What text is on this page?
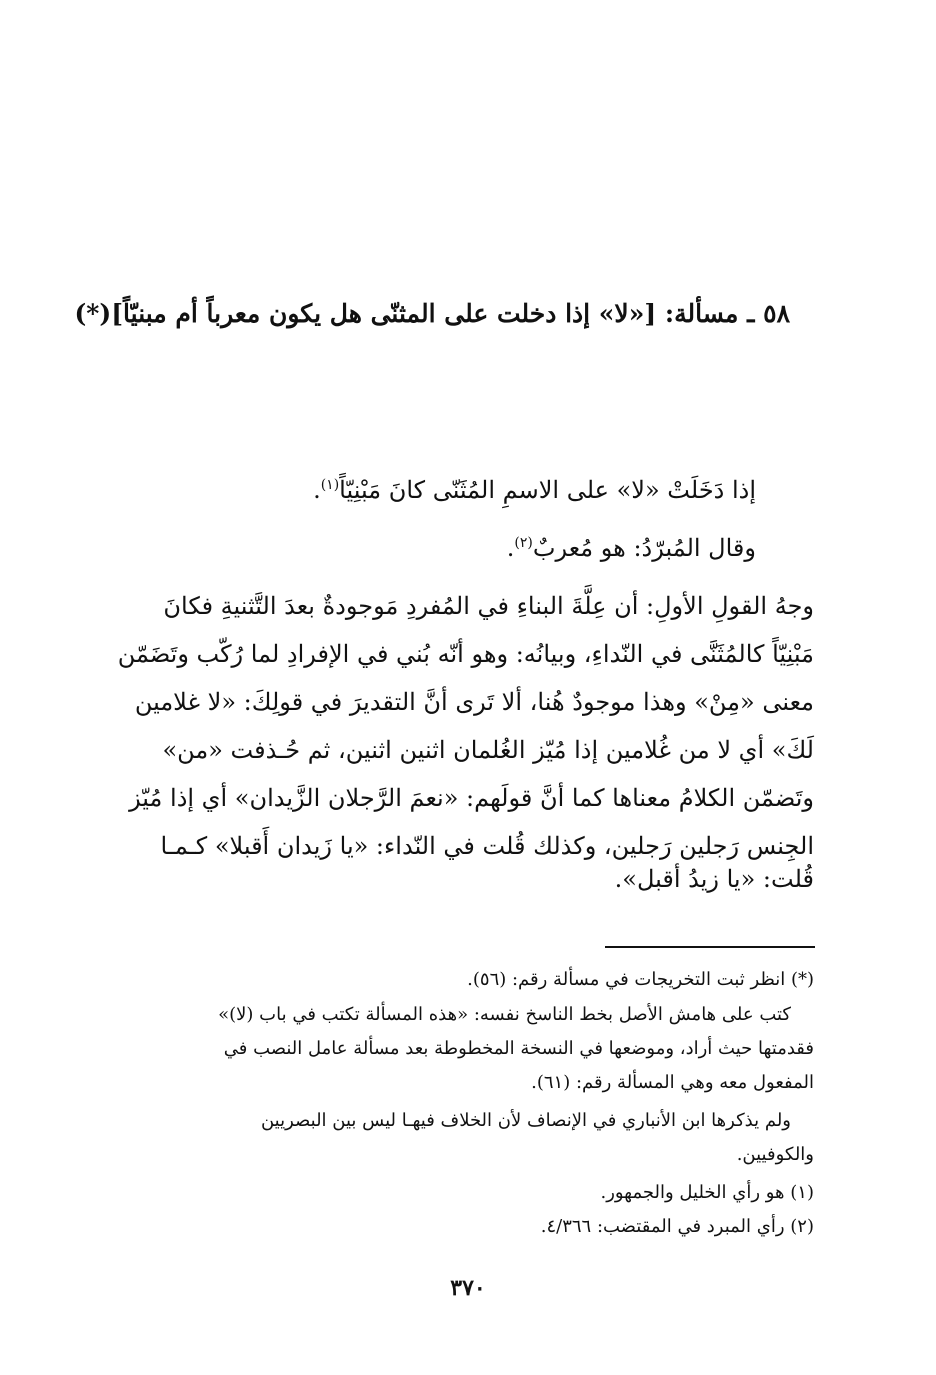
٥٨ ـ مسألة: [«لا» إذا دخلت على المثنّى هل يكون معرباً أم مبنيّاً](*)
إذا دَخَلَتْ «لا» على الاسمِ المُثَنّى كانَ مَبْنِيّاً$^{(١)}$.
وقال المُبرّدُ: هو مُعربٌ$^{(٢)}$.
وجهُ القولِ الأولِ: أن عِلَّةَ البناءِ في المُفردِ مَوجودةٌ بعدَ التَّثنيةِ فكانَ
مَبْنِيّاً كالمُثَنَّى في النّداءِ، وبيانُه: وهو أنّه بُني في الإفرادِ لما رُكّب وتَضَمّن
معنى «مِنْ» وهذا موجودٌ هُنا، ألا تَرى أنَّ التقديرَ في قولِكَ: «لا غلامين
لَكَ» أي لا من غُلامين إذا مُيّز الغُلمان اثنين اثنين، ثم حُـذفت «من»
وتَضمّن الكلامُ معناها كما أنَّ قولَهم: «نعمَ الرَّجلان الزَّيدان» أي إذا مُيّز
الجِنس رَجلين رَجلين، وكذلك قُلت في النّداء: «يا زَيدان أَقبلا» كـمـا
قُلت: «يا زيدُ أقبل».
(*) انظر ثبت التخريجات في مسألة رقم: (٥٦).
كتب على هامش الأصل بخط الناسخ نفسه: «هذه المسألة تكتب في باب (لا)»
فقدمتها حيث أراد، وموضعها في النسخة المخطوطة بعد مسألة عامل النصب في
المفعول معه وهي المسألة رقم: (٦١).
ولم يذكرها ابن الأنباري في الإنصاف لأن الخلاف فيهـا ليس بين البصريين
والكوفيين.
(١) هو رأي الخليل والجمهور.
(٢) رأي المبرد في المقتضب: ٤/٣٦٦.
٣٧٠
